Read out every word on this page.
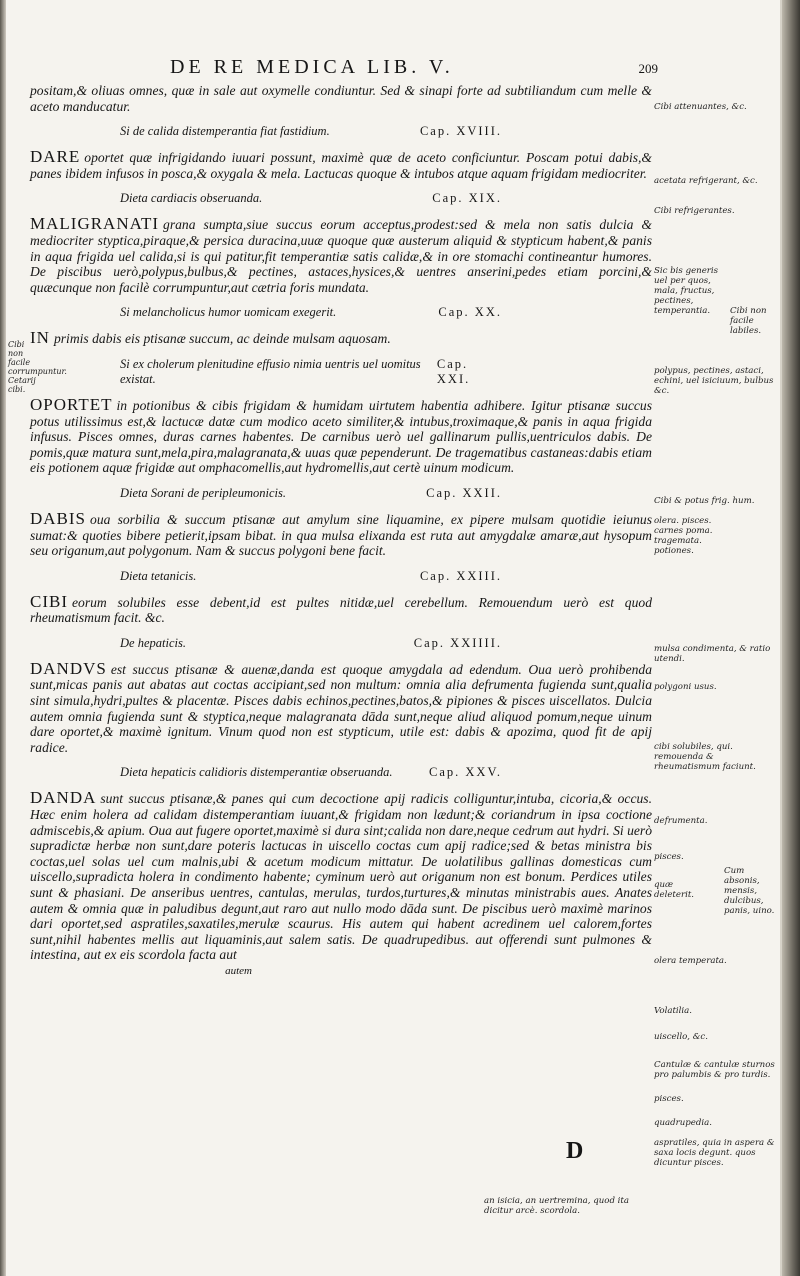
DE RE MEDICA LIB. V.	209

positam,& oliuas omnes, quæ in sale aut oxymelle condiuntur. Sed & sinapi forte ad subtiliandum cum melle & aceto manducatur.

Si de calida distemperantia fiat fastidium.	Cap. XVIII.

DARE oportet quæ infrigidando iuuari possunt, maximè quæ de aceto conficiuntur. Poscam potui dabis,& panes ibidem infusos in posca,& oxygala & mela. Lactucas quoque & intubos atque aquam frigidam mediocriter.

Dieta cardiacis obseruanda.	Cap. XIX.

MALIGRANATI grana sumpta,siue succus eorum acceptus,prodest:sed & mela non satis dulcia & mediocriter styptica,piraque,& persica duracina,uuæ quoque quæ austerum aliquid & stypticum habent,& panis in aqua frigida uel calida,si is qui patitur,fit temperantiæ satis calidæ,& in ore stomachi contineantur humores. De piscibus uerò,polypus,bulbus,& pectines, astaces,hysices,& uentres anserini,pedes etiam porcini,& quæcunque non facilè corrumpuntur,aut cætria foris mundata.

Si melancholicus humor uomicam exegerit.	Cap. XX.

IN primis dabis eis ptisanæ succum, ac deinde mulsam aquosam.

Si ex cholerum plenitudine effusio nimia uentris uel uomitus existat.
Cap. XXI.

OPORTET in potionibus & cibis frigidam & humidam uirtutem habentia adhibere. Igitur ptisanæ succus potus utilissimus est,& lactucæ datæ cum modico aceto similiter,& intubus,troximaque,& panis in aqua frigida infusus. Pisces omnes, duras carnes habentes. De carnibus uerò uel gallinarum pullis,uentriculos dabis. De pomis,quæ matura sunt,mela,pira,malagranata,& uuas quæ pependerunt. De tragematibus castaneas:dabis etiam eis potionem aquæ frigidæ aut omphacomellis,aut hydromellis,aut certè uinum modicum.

Dieta Sorani de peripleumonicis.	Cap. XXII.

DABIS oua sorbilia & succum ptisanæ aut amylum sine liquamine, ex pipere mulsam quotidie ieiunus sumat:& quoties bibere petierit,ipsam bibat. in qua mulsa elixanda est ruta aut amygdalæ amaræ,aut hysopum seu origanum,aut polygonum. Nam & succus polygoni bene facit.

Dieta tetanicis.	Cap. XXIII.

CIBI eorum solubiles esse debent,id est pultes nitidæ,uel cerebellum. Remouendum uerò est quod rheumatismum facit. &c.

De hepaticis.	Cap. XXIIII.

DANDVS est succus ptisanæ & auenæ,danda est quoque amygdala ad edendum. Oua uerò prohibenda sunt,micas panis aut abatas aut coctas accipiant,sed non multum: omnia alia defrumenta fugienda sunt,qualia sint simula,hydri,pultes & placentæ. Pisces dabis echinos,pectines,batos,& pipiones & pisces uiscellatos. Dulcia autem omnia fugienda sunt & styptica,neque malagranata dāda sunt,neque aliud aliquod pomum,neque uinum dare oportet,& maximè ignitum. Vinum quod non est stypticum, utile est: dabis & apozima, quod fit de apij radice.

Dieta hepaticis calidioris distemperantiæ obseruanda.	Cap. XXV.

DANDA sunt succus ptisanæ,& panes qui cum decoctione apij radicis colliguntur,intuba, cicoria,& occus. Hæc enim holera ad calidam distemperantiam iuuant,& frigidam non lædunt;& coriandrum in ipsa coctione admiscebis,& apium. Oua aut fugere oportet,maximè si dura sint;calida non dare,neque cedrum aut hydri. Si uerò supradictæ herbæ non sunt,dare poteris lactucas in uiscello coctas cum apij radice;sed & betas ministra bis coctas,uel solas uel cum malnis,ubi & acetum modicum mittatur. De uolatilibus gallinas domesticas cum uiscello,supradicta holera in condimento habente; cyminum uerò aut origanum non est bonum. Perdices utiles sunt & phasiani. De anseribus uentres, cantulas, merulas, turdos,turtures,& minutas ministrabis aues. Anates autem & omnia quæ in paludibus degunt,aut raro aut nullo modo dāda sunt. De piscibus uerò maximè marinos dari oportet,sed aspratiles,saxatiles,merulæ scaurus. His autem qui habent acredinem uel calorem,fortes sunt,nihil habentes mellis aut liquaminis,aut salem satis. De quadrupedibus. aut offerendi sunt pulmones & intestina, aut ex eis scordola facta aut

autem
D
Cibi non facile corrumpuntur. Cetarij cibi.
Cibi attenuantes, &c.
acetata refrigerant, &c.
Cibi refrigerantes.
Sic bis generis uel per quos, mala, fructus, pectines, temperantia.	Cibi non facile labiles.
polypus, pectines, astaci, echini, uel isiciuum, bulbus &c.
Cibi & potus frig. hum.
olera. pisces. carnes poma. tragemata. potiones.
mulsa condimenta, & ratio utendi.
polygoni usus.
cibi solubiles, qui. remouenda & rheumatismum faciunt.
defrumenta.
pisces.
quæ deleterit.
Cum absonis, mensis, dulcibus, panis, uino.
olera temperata.
Volatilia.
uiscello, &c.
Cantulæ & cantulæ sturnos pro palumbis & pro turdis.
pisces.
quadrupedia.
aspratiles, quia in aspera & saxa locis degunt. quos dicuntur pisces.
an isicia, an uertremina, quod ita dicitur arcè. scordola.
